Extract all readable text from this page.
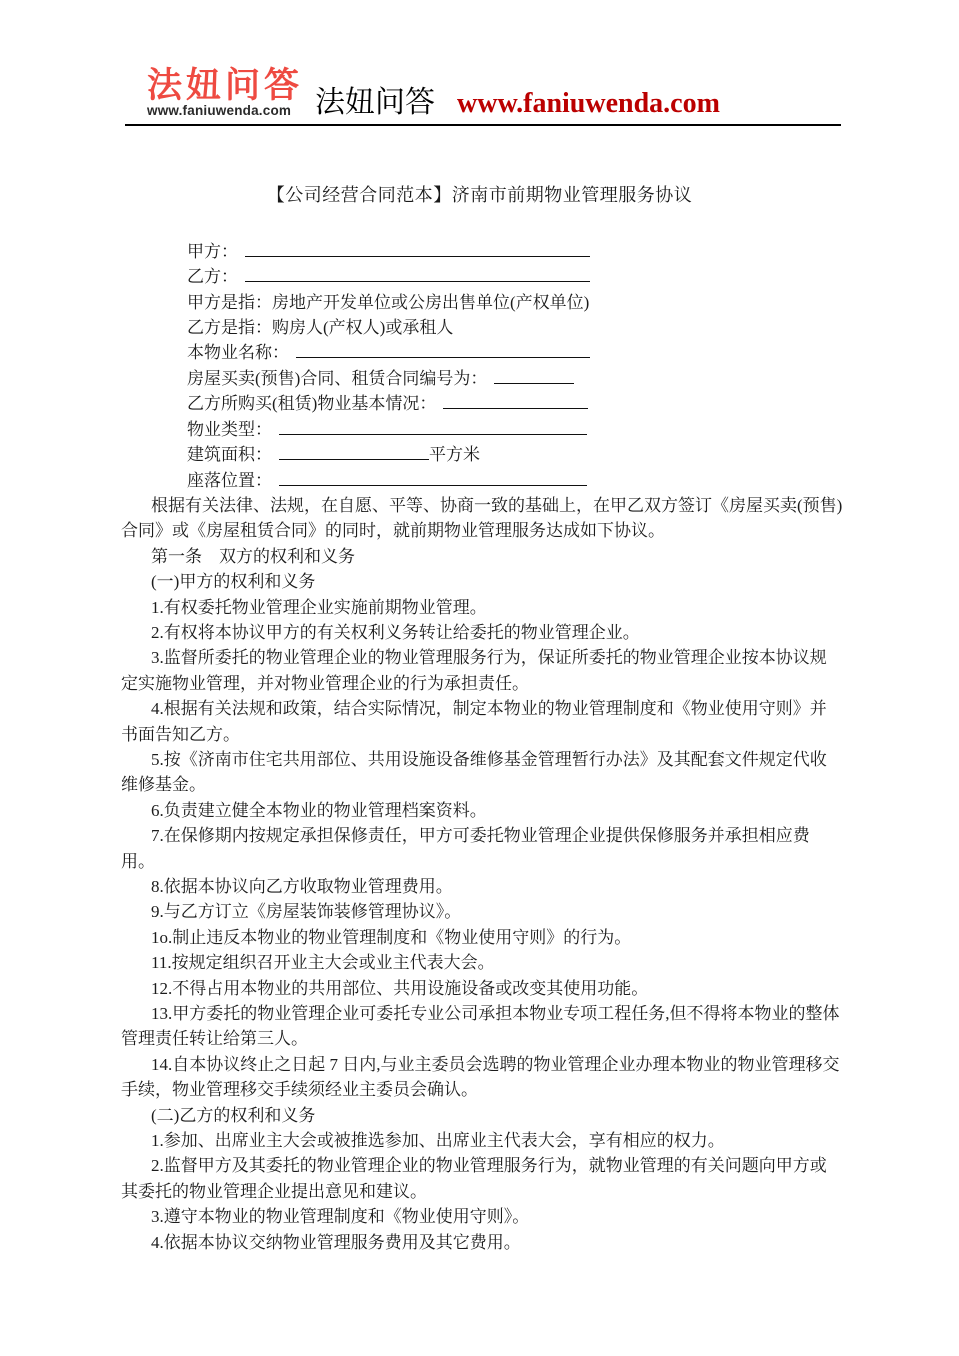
法妞问答
www.faniuwenda.com 法妞问答 www.faniuwenda.com
【公司经营合同范本】济南市前期物业管理服务协议
甲方：
乙方：
甲方是指：房地产开发单位或公房出售单位(产权单位)
乙方是指：购房人(产权人)或承租人
本物业名称：
房屋买卖(预售)合同、租赁合同编号为：
乙方所购买(租赁)物业基本情况：
物业类型：
建筑面积：	平方米
座落位置：

根据有关法律、法规，在自愿、平等、协商一致的基础上，在甲乙双方签订《房屋买卖(预售)合同》或《房屋租赁合同》的同时，就前期物业管理服务达成如下协议。

第一条　双方的权利和义务

(一)甲方的权利和义务

1.有权委托物业管理企业实施前期物业管理。

2.有权将本协议甲方的有关权利义务转让给委托的物业管理企业。

3.监督所委托的物业管理企业的物业管理服务行为，保证所委托的物业管理企业按本协议规定实施物业管理，并对物业管理企业的行为承担责任。

4.根据有关法规和政策，结合实际情况，制定本物业的物业管理制度和《物业使用守则》并书面告知乙方。

5.按《济南市住宅共用部位、共用设施设备维修基金管理暂行办法》及其配套文件规定代收维修基金。

6.负责建立健全本物业的物业管理档案资料。

7.在保修期内按规定承担保修责任，甲方可委托物业管理企业提供保修服务并承担相应费用。

8.依据本协议向乙方收取物业管理费用。

9.与乙方订立《房屋装饰装修管理协议》。

1o.制止违反本物业的物业管理制度和《物业使用守则》的行为。

11.按规定组织召开业主大会或业主代表大会。

12.不得占用本物业的共用部位、共用设施设备或改变其使用功能。

13.甲方委托的物业管理企业可委托专业公司承担本物业专项工程任务,但不得将本物业的整体管理责任转让给第三人。

14.自本协议终止之日起 7 日内,与业主委员会选聘的物业管理企业办理本物业的物业管理移交手续，物业管理移交手续须经业主委员会确认。

(二)乙方的权利和义务

1.参加、出席业主大会或被推选参加、出席业主代表大会，享有相应的权力。

2.监督甲方及其委托的物业管理企业的物业管理服务行为，就物业管理的有关问题向甲方或其委托的物业管理企业提出意见和建议。

3.遵守本物业的物业管理制度和《物业使用守则》。

4.依据本协议交纳物业管理服务费用及其它费用。
